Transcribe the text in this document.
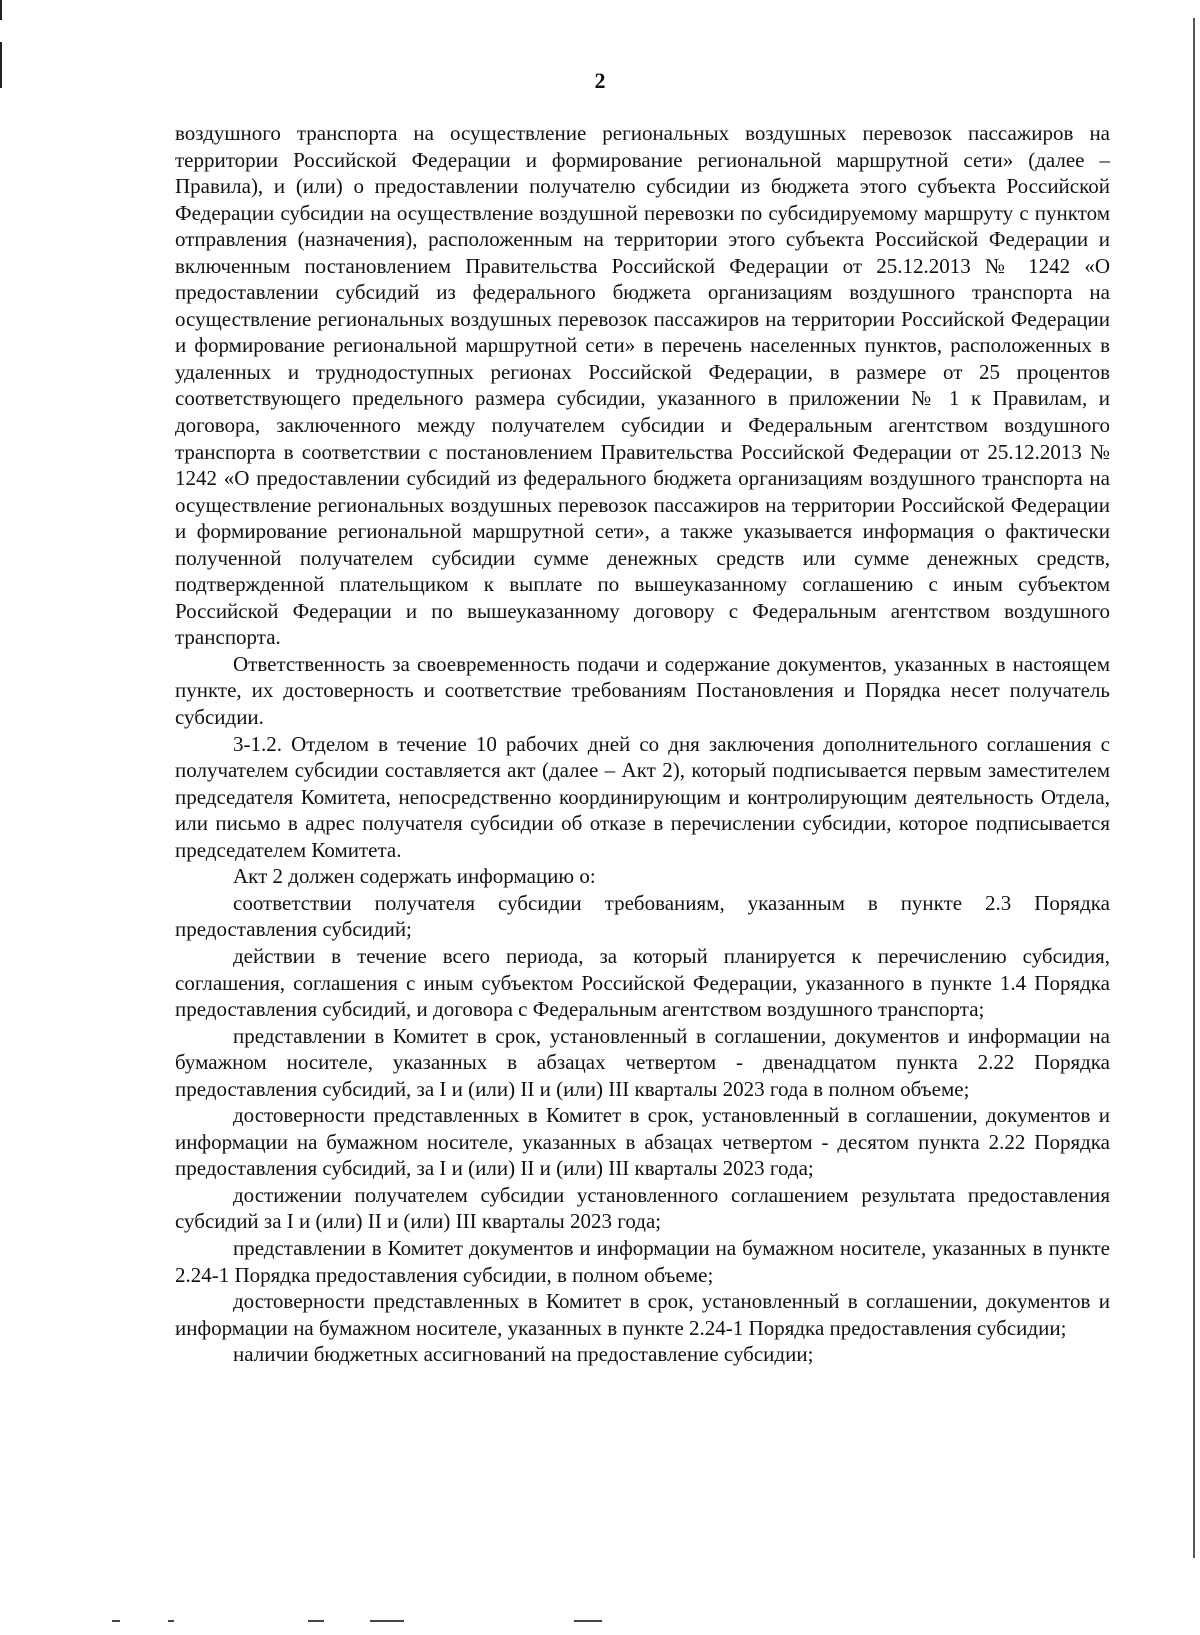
2

воздушного транспорта на осуществление региональных воздушных перевозок пассажиров на территории Российской Федерации и формирование региональной маршрутной сети» (далее – Правила), и (или) о предоставлении получателю субсидии из бюджета этого субъекта Российской Федерации субсидии на осуществление воздушной перевозки по субсидируемому маршруту с пунктом отправления (назначения), расположенным на территории этого субъекта Российской Федерации и включенным постановлением Правительства Российской Федерации от 25.12.2013 № 1242 «О предоставлении субсидий из федерального бюджета организациям воздушного транспорта на осуществление региональных воздушных перевозок пассажиров на территории Российской Федерации и формирование региональной маршрутной сети» в перечень населенных пунктов, расположенных в удаленных и труднодоступных регионах Российской Федерации, в размере от 25 процентов соответствующего предельного размера субсидии, указанного в приложении № 1 к Правилам, и договора, заключенного между получателем субсидии и Федеральным агентством воздушного транспорта в соответствии с постановлением Правительства Российской Федерации от 25.12.2013 № 1242 «О предоставлении субсидий из федерального бюджета организациям воздушного транспорта на осуществление региональных воздушных перевозок пассажиров на территории Российской Федерации и формирование региональной маршрутной сети», а также указывается информация о фактически полученной получателем субсидии сумме денежных средств или сумме денежных средств, подтвержденной плательщиком к выплате по вышеуказанному соглашению с иным субъектом Российской Федерации и по вышеуказанному договору с Федеральным агентством воздушного транспорта.

Ответственность за своевременность подачи и содержание документов, указанных в настоящем пункте, их достоверность и соответствие требованиям Постановления и Порядка несет получатель субсидии.

3-1.2. Отделом в течение 10 рабочих дней со дня заключения дополнительного соглашения с получателем субсидии составляется акт (далее – Акт 2), который подписывается первым заместителем председателя Комитета, непосредственно координирующим и контролирующим деятельность Отдела, или письмо в адрес получателя субсидии об отказе в перечислении субсидии, которое подписывается председателем Комитета.

Акт 2 должен содержать информацию о:

соответствии получателя субсидии требованиям, указанным в пункте 2.3 Порядка предоставления субсидий;

действии в течение всего периода, за который планируется к перечислению субсидия, соглашения, соглашения с иным субъектом Российской Федерации, указанного в пункте 1.4 Порядка предоставления субсидий, и договора с Федеральным агентством воздушного транспорта;

представлении в Комитет в срок, установленный в соглашении, документов и информации на бумажном носителе, указанных в абзацах четвертом - двенадцатом пункта 2.22 Порядка предоставления субсидий, за I и (или) II и (или) III кварталы 2023 года в полном объеме;

достоверности представленных в Комитет в срок, установленный в соглашении, документов и информации на бумажном носителе, указанных в абзацах четвертом - десятом пункта 2.22 Порядка предоставления субсидий, за I и (или) II и (или) III кварталы 2023 года;

достижении получателем субсидии установленного соглашением результата предоставления субсидий за I и (или) II и (или) III кварталы 2023 года;

представлении в Комитет документов и информации на бумажном носителе, указанных в пункте 2.24-1 Порядка предоставления субсидии, в полном объеме;

достоверности представленных в Комитет в срок, установленный в соглашении, документов и информации на бумажном носителе, указанных в пункте 2.24-1 Порядка предоставления субсидии;

наличии бюджетных ассигнований на предоставление субсидии;
